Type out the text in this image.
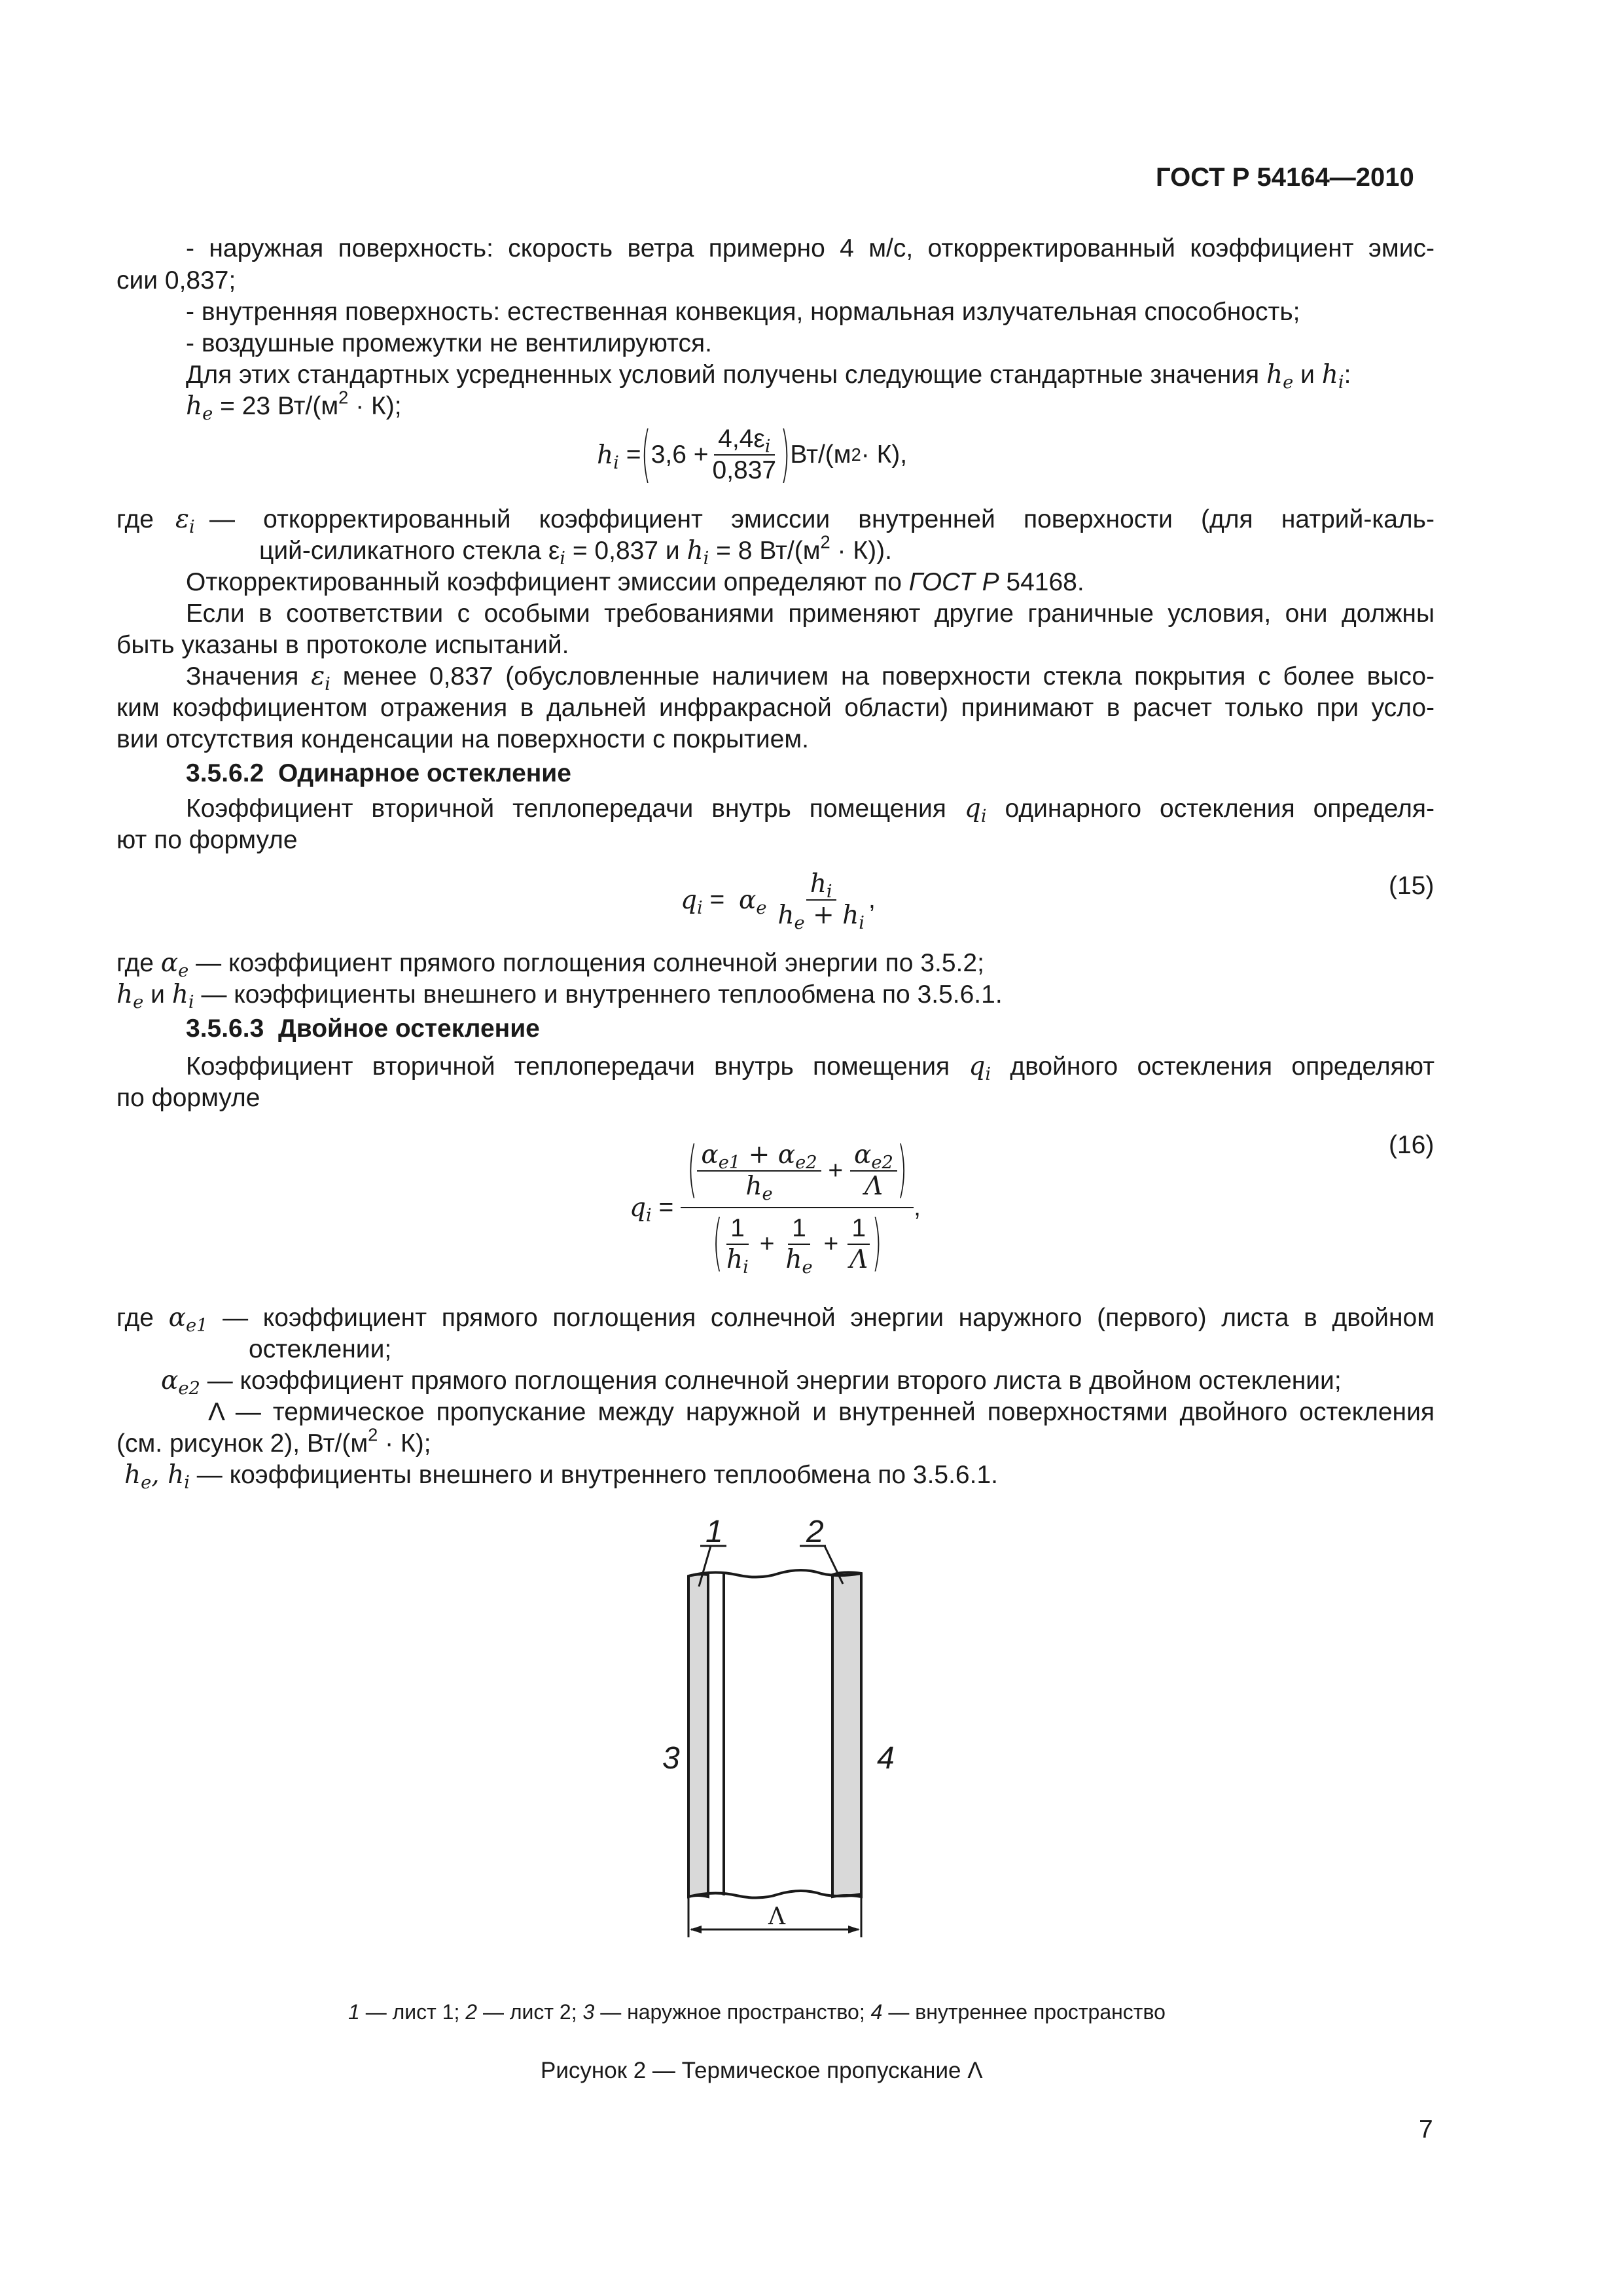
ГОСТ Р 54164—2010
- наружная поверхность: скорость ветра примерно 4 м/с, откорректированный коэффициент эмис-
сии 0,837;
- внутренняя поверхность: естественная конвекция, нормальная излучательная способность;
- воздушные промежутки не вентилируются.
Для этих стандартных усредненных условий получены следующие стандартные значения $h_e$ и $h_i$:
$h_e = 23$ $Вт/(м^2 \cdot К)$;
$h_i$
= ( $3,6 + \frac{4,4\varepsilon_i}{0,837}$ ) Вт/(м 2 · К),
где $\varepsilon_i$ — откорректированный коэффициент эмиссии внутренней поверхности (для натрий-каль-
ций-силикатного стекла $\varepsilon_i = 0,837$ и $h_i = 8$ $Вт/(м^2 \cdot К)$).
Откорректированный коэффициент эмиссии определяют по ГОСТ Р 54168.
Если в соответствии с особыми требованиями применяют другие граничные условия, они должны
быть указаны в протоколе испытаний.
Значения $\varepsilon_i$ менее 0,837 (обусловленные наличием на поверхности стекла покрытия с более высо-
ким коэффициентом отражения в дальней инфракрасной области) принимают в расчет только при усло-
вии отсутствия конденсации на поверхности с покрытием.
3.5.6.2 Одинарное остекление
Коэффициент вторичной теплопередачи внутрь помещения $q_i$ одинарного остекления определя-
ют по формуле
$q_i = \alpha_e$
$\frac{h_i}{h_e + h_i}$ ,	(15)
где $\alpha_e$ — коэффициент прямого поглощения солнечной энергии по 3.5.2;
$h_e$ и $h_i$ — коэффициенты внешнего и внутреннего теплообмена по 3.5.6.1.
3.5.6.3 Двойное остекление
Коэффициент вторичной теплопередачи внутрь помещения $q_i$ двойного остекления определяют
по формуле
$q_i = \frac{( \frac{\alpha_{e1} + \alpha_{e2}}{h_e} + \frac{\alpha_{e2}}{\Lambda} )}{( \frac{1}{h_i} + \frac{1}{h_e} + \frac{1}{\Lambda} )}$ ,
(16)
где $\alpha_{e1}$ — коэффициент прямого поглощения солнечной энергии наружного (первого) листа в двойном
остеклении;
$\alpha_{e2}$ — коэффициент прямого поглощения солнечной энергии второго листа в двойном остеклении;
Λ — термическое пропускание между наружной и внутренней поверхностями двойного остекления
(см. рисунок 2), $Вт/(м^2 \cdot К)$;
$h_e$, $h_i$ — коэффициенты внешнего и внутреннего теплообмена по 3.5.6.1.
1	2
3	4
Λ
1 — лист 1; 2 — лист 2; 3 — наружное пространство; 4 — внутреннее пространство
Рисунок 2 — Термическое пропускание Λ
7
